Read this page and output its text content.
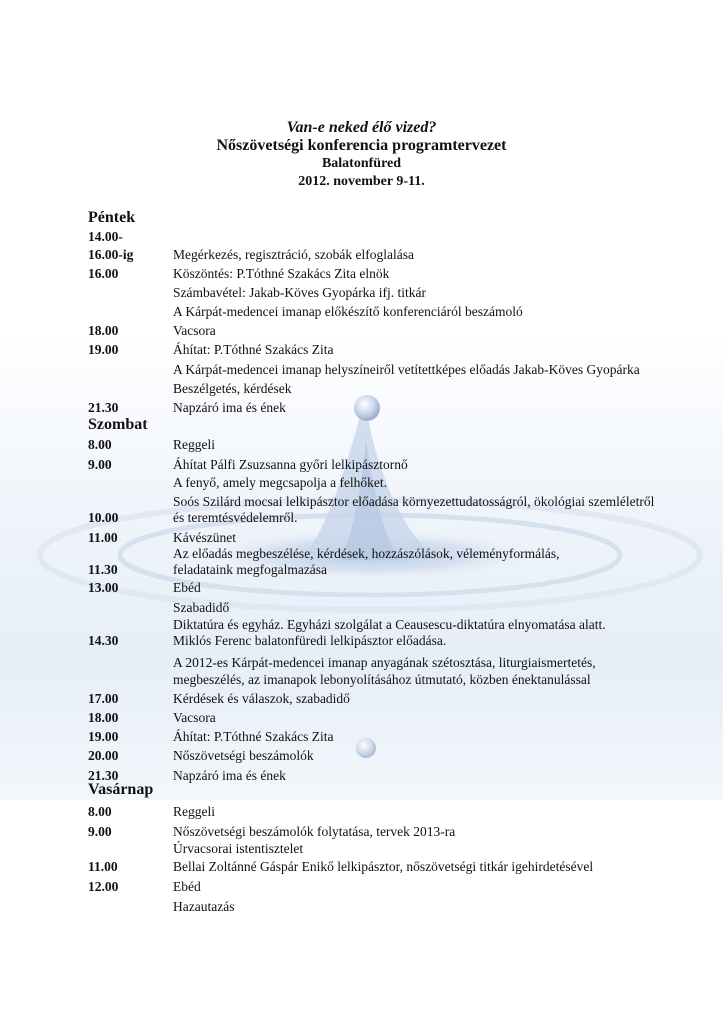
Van-e neked élő vized?
Nőszövetségi konferencia programtervezet
Balatonfüred
2012. november 9-11.
Péntek
14.00-
16.00-ig	Megérkezés, regisztráció, szobák elfoglalása
16.00	Köszöntés: P.Tóthné Szakács Zita elnök
Számbavétel: Jakab-Köves Gyopárka ifj. titkár
A Kárpát-medencei imanap előkészítő konferenciáról beszámoló
18.00	Vacsora
19.00	Áhítat: P.Tóthné Szakács Zita
A Kárpát-medencei imanap helyszíneiről vetítettképes előadás Jakab-Köves Gyopárka
Beszélgetés, kérdések
21.30	Napzáró ima és ének
Szombat
8.00	Reggeli
9.00	Áhítat Pálfi Zsuzsanna győri lelkipásztornő
A fenyő, amely megcsapolja a felhőket.
Soós Szilárd mocsai lelkipásztor előadása környezettudatosságról, ökológiai szemléletről
10.00	és teremtésvédelemről.
11.00	Kávészünet
Az előadás megbeszélése, kérdések, hozzászólások, véleményformálás,
11.30	feladataink megfogalmazása
13.00	Ebéd
Szabadidő
Diktatúra és egyház. Egyházi szolgálat a Ceausescu-diktatúra elnyomatása alatt.
14.30	Miklós Ferenc balatonfüredi lelkipásztor előadása.
A 2012-es Kárpát-medencei imanap anyagának szétosztása, liturgiaismertetés,
megbeszélés, az imanapok lebonyolításához útmutató, közben énektanulással
17.00	Kérdések és válaszok, szabadidő
18.00	Vacsora
19.00	Áhítat: P.Tóthné Szakács Zita
20.00	Nőszövetségi beszámolók
21.30	Napzáró ima és ének
Vasárnap
8.00	Reggeli
9.00	Nőszövetségi beszámolók folytatása, tervek 2013-ra
Úrvacsorai istentisztelet
11.00	Bellai Zoltánné Gáspár Enikő lelkipásztor, nőszövetségi titkár igehirdetésével
12.00	Ebéd
Hazautazás
